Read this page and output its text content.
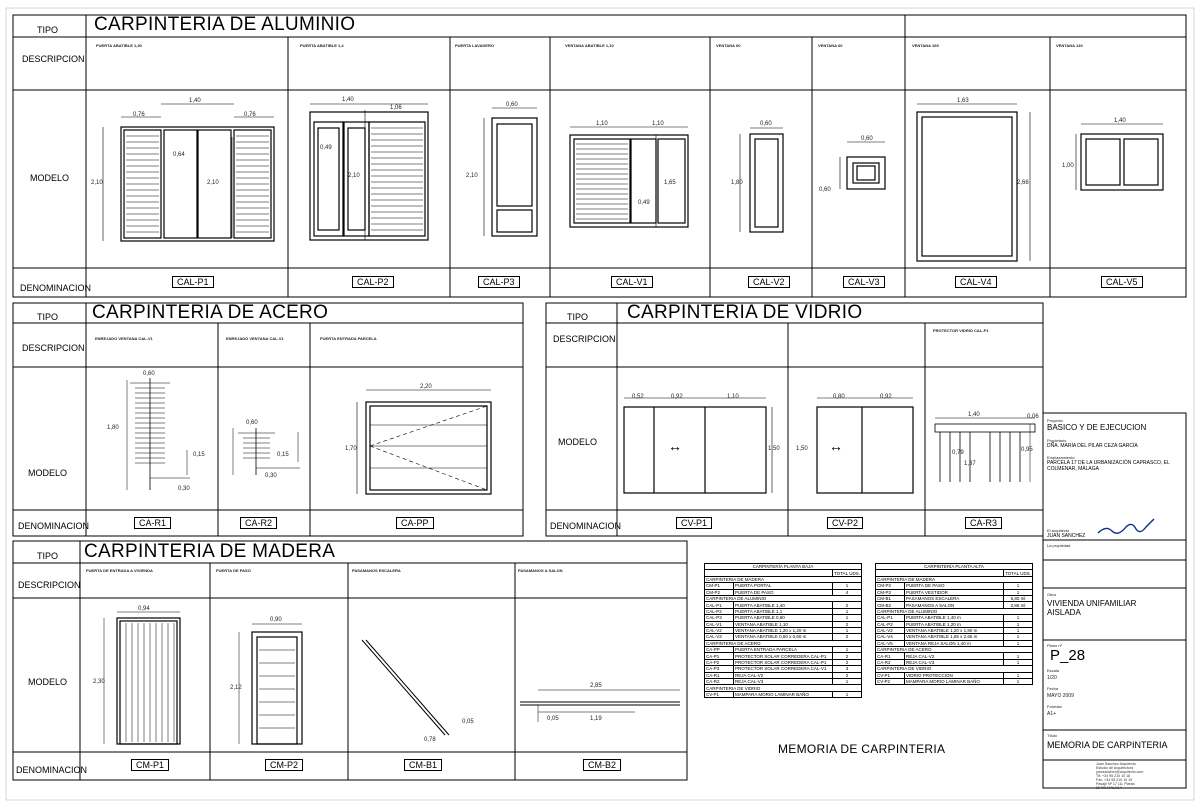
TIPO
DESCRIPCION
MODELO
DENOMINACION
CARPINTERIA DE ALUMINIO
PUERTA ABATIBLE 1,40	PUERTA ABATIBLE 1,4	PUERTA LAVADERO	VENTANA ABATIBLE 1,10	VENTANA 60	VENTANA 60	VENTANA 165	VENTANA 140
1,40
0,76	0,76
0,64
2,10	2,10
1,40
1,06
0,49
2,10
0,60
2,10
1,10	1,10
1,65
0,49
0,60
1,80
0,60
0,60
1,63
2,66
1,40
1,00
CAL-P1	CAL-P2	CAL-P3	CAL-V1	CAL-V2	CAL-V3	CAL-V4	CAL-V5
TIPO CARPINTERIA DE ACERO
DESCRIPCION
MODELO
DENOMINACION
ENREJADO VENTANA CAL-V1	ENREJADO VENTANA CAL-V1	PUERTA ENTRADA PARCELA
0,60
1,80
0,15
0,30
0,60
0,15
0,30
2,20
1,70
CA-R1	CA-R2	CA-PP
TIPO CARPINTERIA DE VIDRIO
DESCRIPCION
MODELO
DENOMINACION
PROTECTOR VIDRIO CAL-P1
0,52	0,92	1,10
1,50
↔
0,80	0,92
1,50 ↔
1,40	0,06
0,79	0,95
1,37
CV-P1	CV-P2	CA-R3
TIPO CARPINTERIA DE MADERA
DESCRIPCION
MODELO
DENOMINACION
PUERTA DE ENTRADA A VIVIENDA	PUERTA DE PASO	PASAMANOS ESCALERA	PASAMANOS A SALON
0,94
2,30
0,90
2,12
0,05
0,78
2,85
0,05	1,19
CM-P1	CM-P2	CM-B1	CM-B2
CARPINTERÍA PLANTA BAJA		
		TOTAL UDS.
CARPINTERIA DE MADERA		
CM-P1	PUERTA PORTAL	1
CM-P2	PUERTA DE PASO	4
CARPINTERIA DE ALUMINIO		
CAL-P1	PUERTA ABATIBLE 1,40	2
CAL-P2	PUERTA ABATIBLE 1,1	1
CAL-P3	PUERTA ABATIBLE 0,60	1
CAL-V1	VENTANA ABATIBLE 1,10	2
CAL-V2	VENTANA ABATIBLE 1,20 x 1,20 m	1
CAL-V3	VENTANA ABATIBLE 0,60 x 0,60 m	2
CARPINTERIA DE ACERO		
CA-PP	PUERTA ENTRADA PARCELA	1
CA-P1	PROTECTOR SOLAR CORREDERA CAL-P1	2
CA-P2	PROTECTOR SOLAR CORREDERA CAL-P1	2
CA-P3	PROTECTOR SOLAR CORREDERA CAL-V1	3
CA-R1	REJA CAL-V2	2
CA-R2	REJA CAL-V3	1
CARPINTERIA DE VIDRIO		
CV-P1	MAMPARA MORIO LAMINAR BAÑO	1
CARPINTERÍA PLANTA ALTA		
		TOTAL UDS.
CARPINTERIA DE MADERA		
CM-P2	PUERTA DE PASO	1
CM-P2	PUERTA VESTIDOR	1
CM-B1	PASAMANOS ESCALERA	5,80 ml
CM-B2	PASAMANOS A SALON	2,85 ml
CARPINTERIA DE ALUMINIO		
CAL-P1	PUERTA ABATIBLE 1,40 m	1
CAL-P2	PUERTA ABATIBLE 1,20 m	1
CAL-V2	VENTANA ABATIBLE 1,20 x 1,80 m	1
CAL-V4	VENTANA ABATIBLE 1,65 x 2,65 m	1
CAL-V5	VENTANA REJA SALON 1,40 m	1
CARPINTERIA DE ACERO		
CA-R1	REJA CAL-V2	1
CA-R2	REJA CAL-V3	1
CARPINTERIA DE VIDRIO		
CV-P1	VIDRIO PROTECCION	1
CV-P2	MAMPARA MORIO LAMINAR BAÑO	1
MEMORIA DE CARPINTERIA
Proyecto
BASICO Y DE EJECUCION
Propietario
DÑA. MARÍA DEL PILAR CEZA GARCÍA
Emplazamiento
PARCELA 17 DE LA URBANIZACIÓN CAPRASCO, EL COLMENAR, MÁLAGA
El arquitecto
JUAN SANCHEZ
La propiedad
Obra
VIVIENDA UNIFAMILIAR AISLADA
Plano nº
P_28
Escala
1/20
Fecha
MAYO 2009
Formato
A1+
Título
MEMORIA DE CARPINTERIA
Juan Sanchez Arquitecto
Estudio de Arquitectura
juansanchez@arquitecto.com
Tlf: +34 95 210 10 18
Fax: +34 95 210 10 19
Pasaje Nº 17 1A, Planta
29400 MALAGA
